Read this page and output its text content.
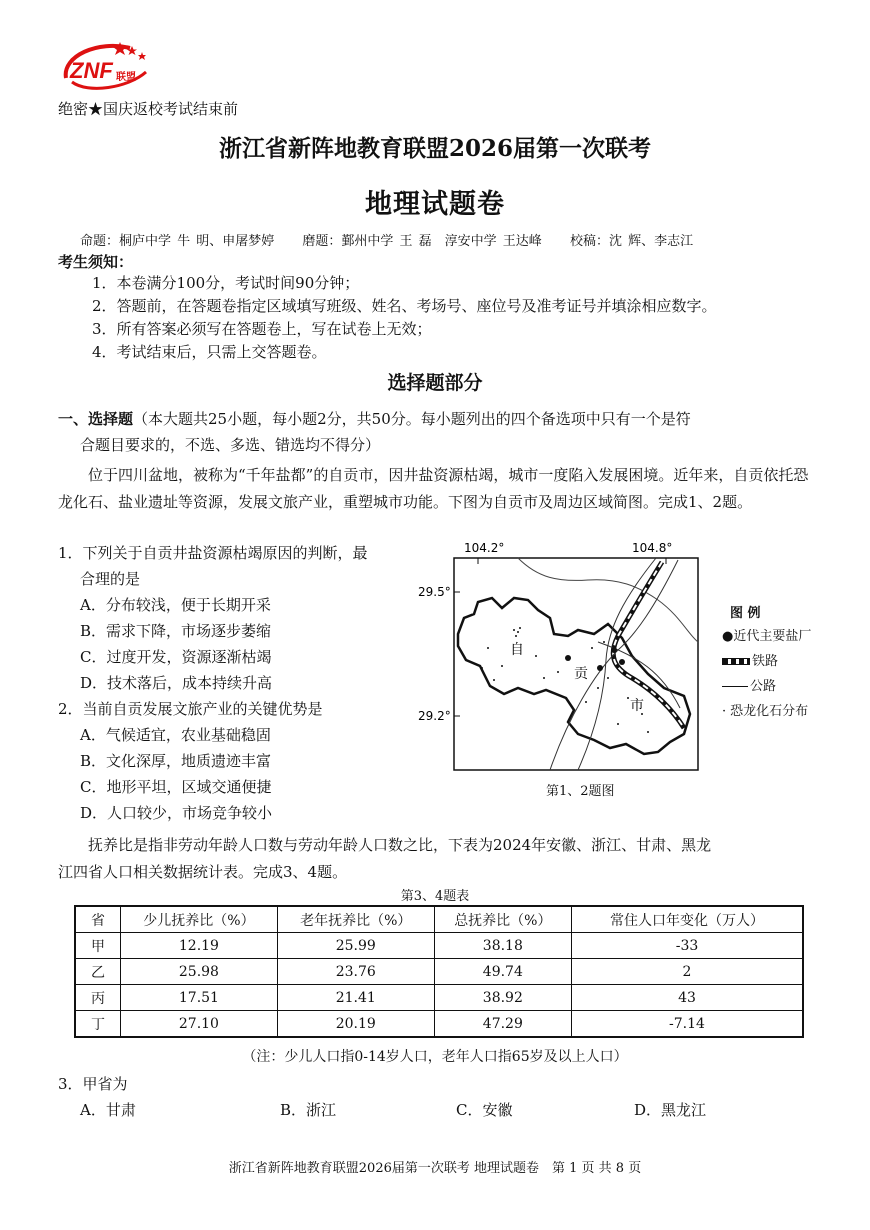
ZNF 联盟
绝密★国庆返校考试结束前
浙江省新阵地教育联盟2026届第一次联考
地理试题卷
命题：桐庐中学 牛 明、申屠梦婷 磨题：鄞州中学 王 磊　淳安中学 王达峰 校稿：沈 辉、李志江
考生须知：
1．本卷满分100分，考试时间90分钟；
2．答题前，在答题卷指定区域填写班级、姓名、考场号、座位号及准考证号并填涂相应数字。
3．所有答案必须写在答题卷上，写在试卷上无效；
4．考试结束后，只需上交答题卷。
选择题部分
一、选择题（本大题共25小题，每小题2分，共50分。每小题列出的四个备选项中只有一个是符
合题目要求的，不选、多选、错选均不得分）
位于四川盆地，被称为“千年盐都”的自贡市，因井盐资源枯竭，城市一度陷入发展困境。近年来，自贡依托恐龙化石、盐业遗址等资源，发展文旅产业，重塑城市功能。下图为自贡市及周边区域简图。完成1、2题。
1．下列关于自贡井盐资源枯竭原因的判断，最
合理的是
A．分布较浅，便于长期开采
B．需求下降，市场逐步萎缩
C．过度开发，资源逐渐枯竭
D．技术落后，成本持续升高
2．当前自贡发展文旅产业的关键优势是
A．气候适宜，农业基础稳固
B．文化深厚，地质遗迹丰富
C．地形平坦，区域交通便捷
D．人口较少，市场竞争较小
104.2°	104.8°
29.5°
29.2°
自
贡
市
图 例
●近代主要盐厂
铁路
公路
· 恐龙化石分布
第1、2题图
抚养比是指非劳动年龄人口数与劳动年龄人口数之比，下表为2024年安徽、浙江、甘肃、黑龙
江四省人口相关数据统计表。完成3、4题。
第3、4题表
省	少儿抚养比（%）	老年抚养比（%）	总抚养比（%）	常住人口年变化（万人）
甲	12.19	25.99	38.18	-33
乙	25.98	23.76	49.74	2
丙	17.51	21.41	38.92	43
丁	27.10	20.19	47.29	-7.14
（注：少儿人口指0-14岁人口，老年人口指65岁及以上人口）
3．甲省为
A．甘肃	B．浙江	C．安徽	D．黑龙江
浙江省新阵地教育联盟2026届第一次联考 地理试题卷　第 1 页 共 8 页
